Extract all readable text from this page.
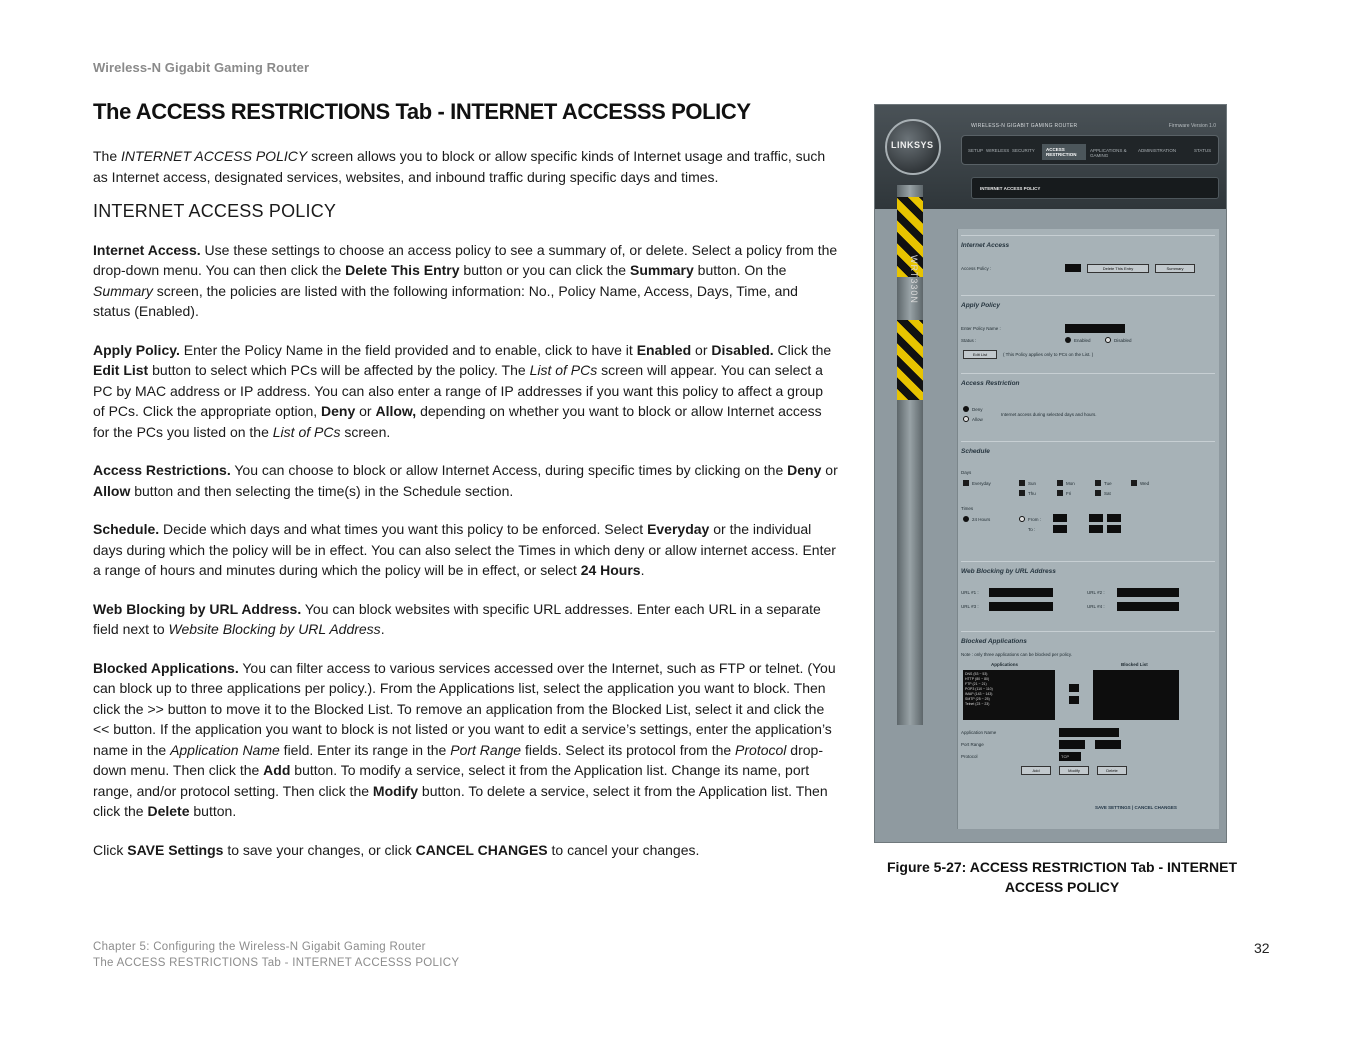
Wireless-N Gigabit Gaming Router
The ACCESS RESTRICTIONS Tab - INTERNET ACCESSS POLICY

The INTERNET ACCESS POLICY screen allows you to block or allow specific kinds of Internet usage and traffic, such as Internet access, designated services, websites, and inbound traffic during specific days and times.

INTERNET ACCESS POLICY

Internet Access. Use these settings to choose an access policy to see a summary of, or delete. Select a policy from the drop-down menu. You can then click the Delete This Entry button or you can click the Summary button. On the Summary screen, the policies are listed with the following information: No., Policy Name, Access, Days, Time, and status (Enabled).

Apply Policy. Enter the Policy Name in the field provided and to enable, click to have it Enabled or Disabled. Click the Edit List button to select which PCs will be affected by the policy. The List of PCs screen will appear. You can select a PC by MAC address or IP address. You can also enter a range of IP addresses if you want this policy to affect a group of PCs. Click the appropriate option, Deny or Allow, depending on whether you want to block or allow Internet access for the PCs you listed on the List of PCs screen.

Access Restrictions. You can choose to block or allow Internet Access, during specific times by clicking on the Deny or Allow button and then selecting the time(s) in the Schedule section.

Schedule. Decide which days and what times you want this policy to be enforced. Select Everyday or the individual days during which the policy will be in effect. You can also select the Times in which deny or allow internet access. Enter a range of hours and minutes during which the policy will be in effect, or select 24 Hours.

Web Blocking by URL Address. You can block websites with specific URL addresses. Enter each URL in a separate field next to Website Blocking by URL Address.

Blocked Applications. You can filter access to various services accessed over the Internet, such as FTP or telnet. (You can block up to three applications per policy.). From the Applications list, select the application you want to block. Then click the >> button to move it to the Blocked List. To remove an application from the Blocked List, select it and click the << button. If the application you want to block is not listed or you want to edit a service’s settings, enter the application’s name in the Application Name field. Enter its range in the Port Range fields. Select its protocol from the Protocol drop-down menu. Then click the Add button. To modify a service, select it from the Application list. Change its name, port range, and/or protocol setting. Then click the Modify button. To delete a service, select it from the Application list. Then click the Delete button.

Click SAVE Settings to save your changes, or click CANCEL CHANGES to cancel your changes.

LINKSYS
WIRELESS-N GIGABIT GAMING ROUTER	Firmware Version 1.0
SETUP WIRELESS SECURITY	ACCESS RESTRICTION
APPLICATIONS & GAMING
ADMINISTRATION	STATUS
INTERNET ACCESS POLICY
WRT330N
Internet Access
Access Policy :	Delete This Entry	Summary
Apply Policy
Enter Policy Name :
Status :	Enabled	Disabled
Edit List	( This Policy applies only to PCs on the List. )
Access Restriction
Deny
Allow
Internet access during selected days and hours.
Schedule
Days
Everyday	Sun	Mon	Tue	Wed
Thu	Fri	Sat
Times
24 Hours	From :
To :
Web Blocking by URL Address
URL #1 :
URL #3 :
URL #2 :
URL #4 :
Blocked Applications
Note : only three applications can be blocked per policy.
Applications	Blocked List
DNS (53 ~ 53)
HTTP (80 ~ 80)
FTP (21 ~ 21)
POP3 (110 ~ 110)
IMAP (143 ~ 143)
SMTP (25 ~ 25)
Telnet (23 ~ 23)
Application Name
Port Range
Protocol	TCP
Add	Modify	Delete
SAVE SETTINGS | CANCEL CHANGES
Figure 5-27: ACCESS RESTRICTION Tab - INTERNET ACCESS POLICY
Chapter 5: Configuring the Wireless-N Gigabit Gaming Router
The ACCESS RESTRICTIONS Tab - INTERNET ACCESSS POLICY
32
